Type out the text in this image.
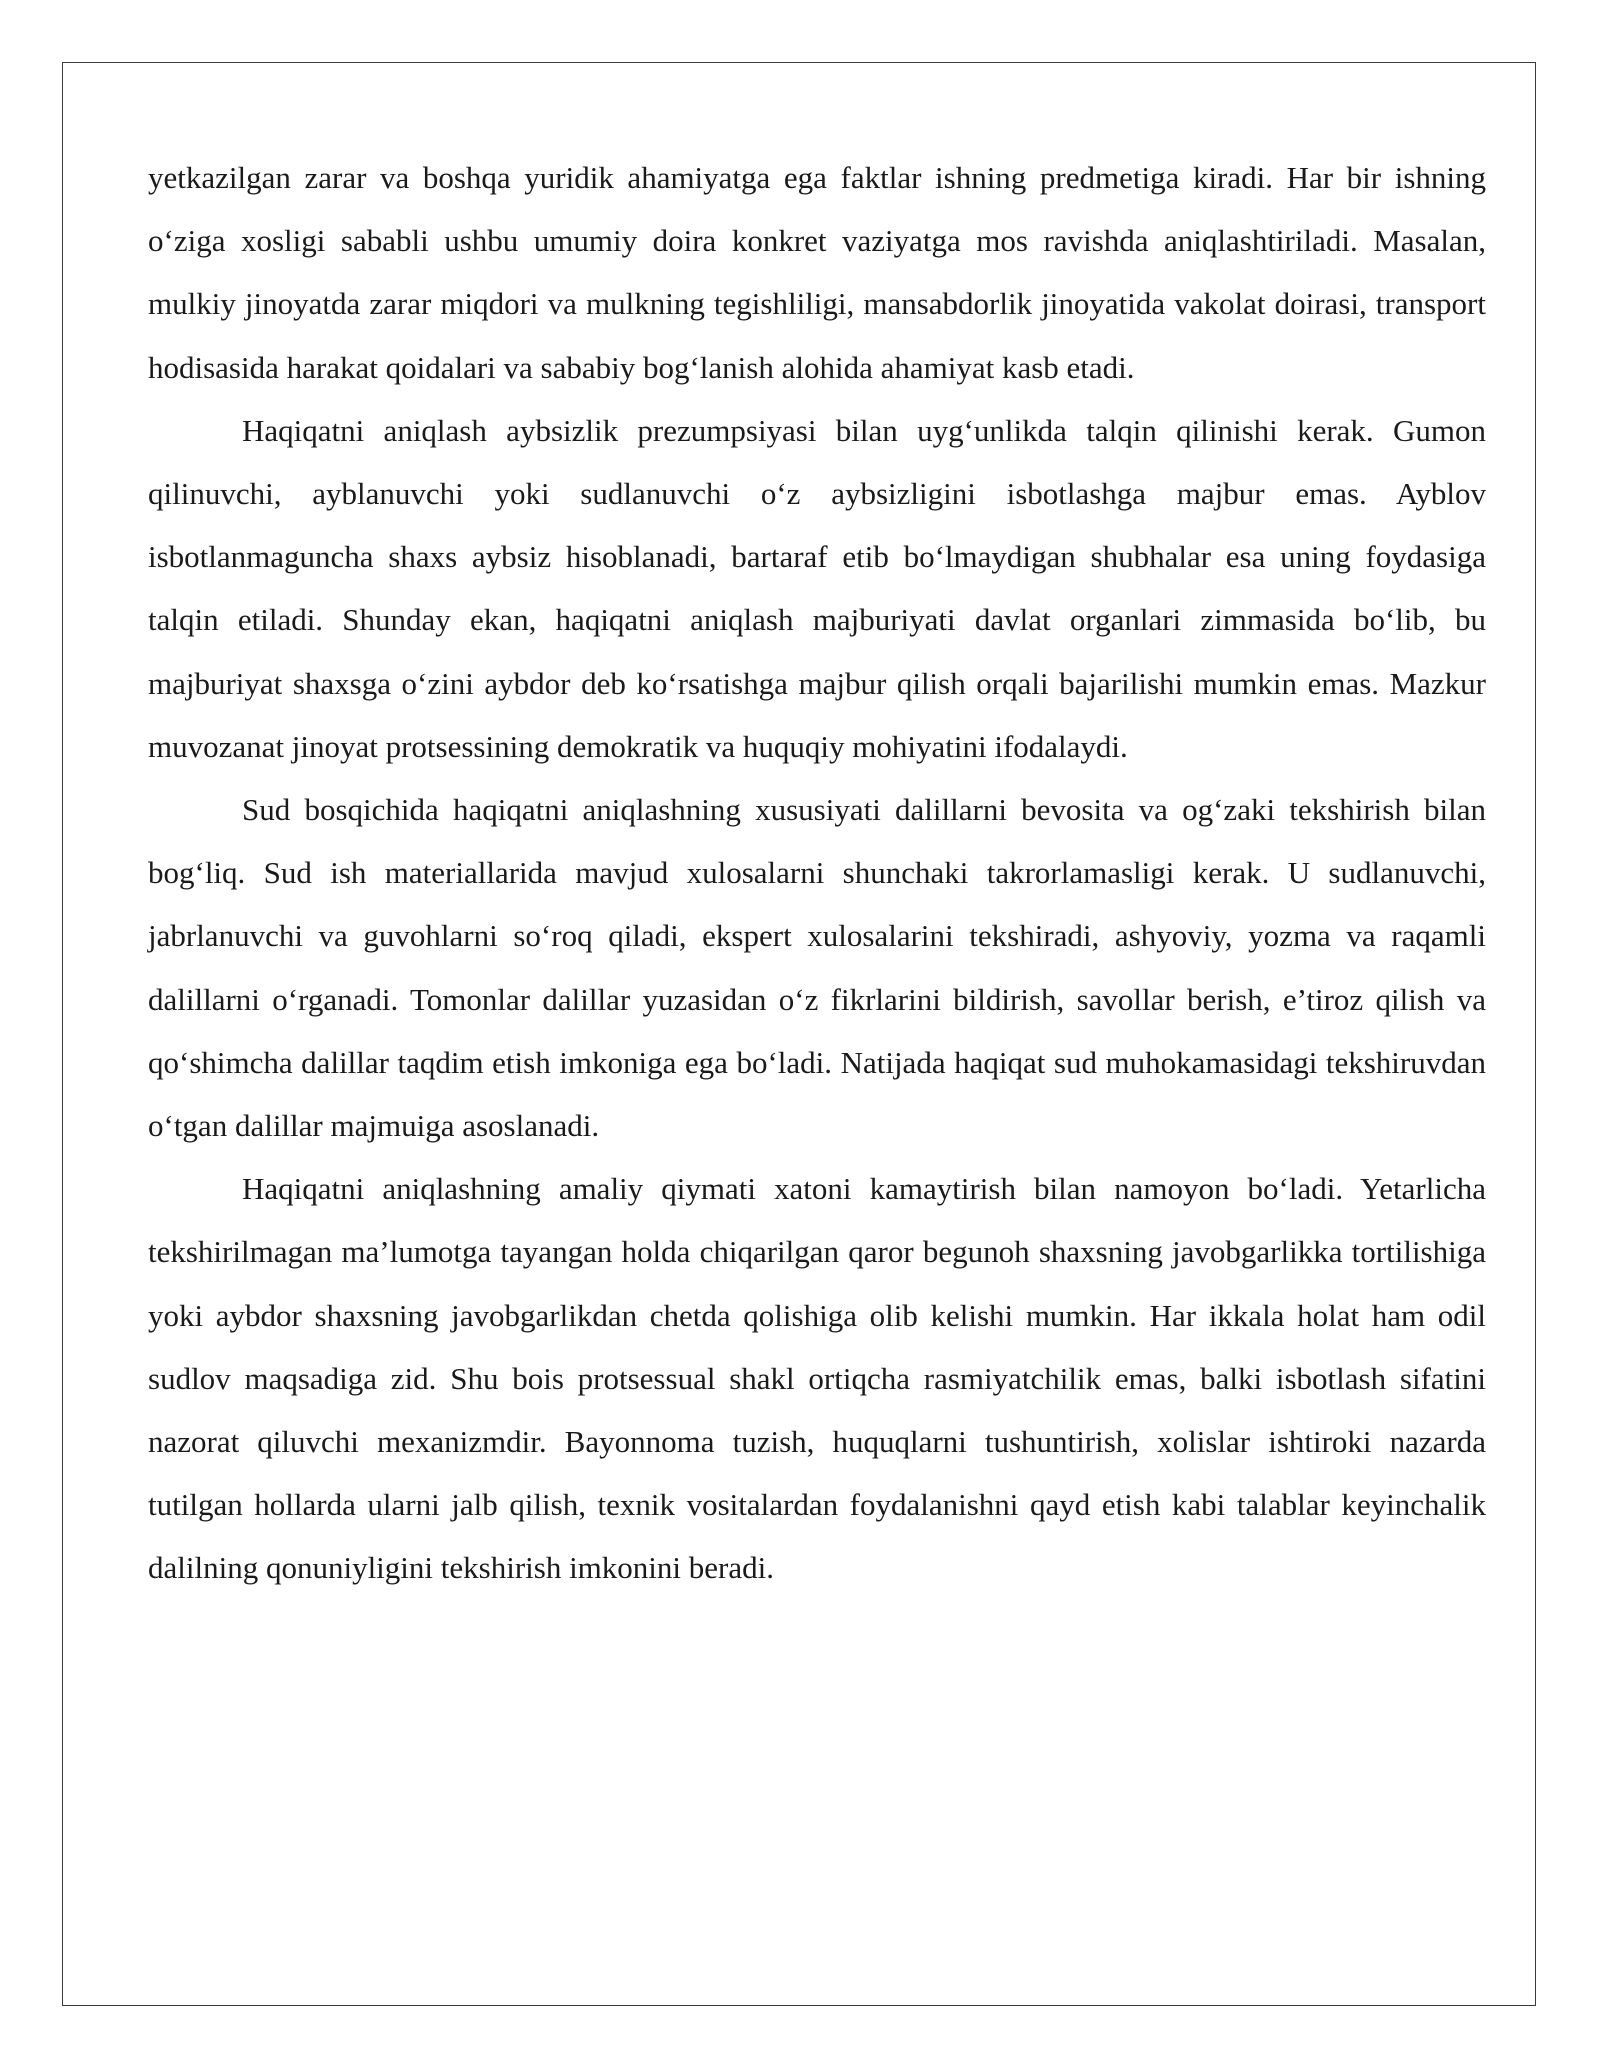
yetkazilgan zarar va boshqa yuridik ahamiyatga ega faktlar ishning predmetiga kiradi. Har bir ishning o‘ziga xosligi sababli ushbu umumiy doira konkret vaziyatga mos ravishda aniqlashtiriladi. Masalan, mulkiy jinoyatda zarar miqdori va mulkning tegishliligi, mansabdorlik jinoyatida vakolat doirasi, transport hodisasida harakat qoidalari va sababiy bog‘lanish alohida ahamiyat kasb etadi.

Haqiqatni aniqlash aybsizlik prezumpsiyasi bilan uyg‘unlikda talqin qilinishi kerak. Gumon qilinuvchi, ayblanuvchi yoki sudlanuvchi o‘z aybsizligini isbotlashga majbur emas. Ayblov isbotlanmaguncha shaxs aybsiz hisoblanadi, bartaraf etib bo‘lmaydigan shubhalar esa uning foydasiga talqin etiladi. Shunday ekan, haqiqatni aniqlash majburiyati davlat organlari zimmasida bo‘lib, bu majburiyat shaxsga o‘zini aybdor deb ko‘rsatishga majbur qilish orqali bajarilishi mumkin emas. Mazkur muvozanat jinoyat protsessining demokratik va huquqiy mohiyatini ifodalaydi.

Sud bosqichida haqiqatni aniqlashning xususiyati dalillarni bevosita va og‘zaki tekshirish bilan bog‘liq. Sud ish materiallarida mavjud xulosalarni shunchaki takrorlamasligi kerak. U sudlanuvchi, jabrlanuvchi va guvohlarni so‘roq qiladi, ekspert xulosalarini tekshiradi, ashyoviy, yozma va raqamli dalillarni o‘rganadi. Tomonlar dalillar yuzasidan o‘z fikrlarini bildirish, savollar berish, e’tiroz qilish va qo‘shimcha dalillar taqdim etish imkoniga ega bo‘ladi. Natijada haqiqat sud muhokamasidagi tekshiruvdan o‘tgan dalillar majmuiga asoslanadi.

Haqiqatni aniqlashning amaliy qiymati xatoni kamaytirish bilan namoyon bo‘ladi. Yetarlicha tekshirilmagan ma’lumotga tayangan holda chiqarilgan qaror begunoh shaxsning javobgarlikka tortilishiga yoki aybdor shaxsning javobgarlikdan chetda qolishiga olib kelishi mumkin. Har ikkala holat ham odil sudlov maqsadiga zid. Shu bois protsessual shakl ortiqcha rasmiyatchilik emas, balki isbotlash sifatini nazorat qiluvchi mexanizmdir. Bayonnoma tuzish, huquqlarni tushuntirish, xolislar ishtiroki nazarda tutilgan hollarda ularni jalb qilish, texnik vositalardan foydalanishni qayd etish kabi talablar keyinchalik dalilning qonuniyligini tekshirish imkonini beradi.
